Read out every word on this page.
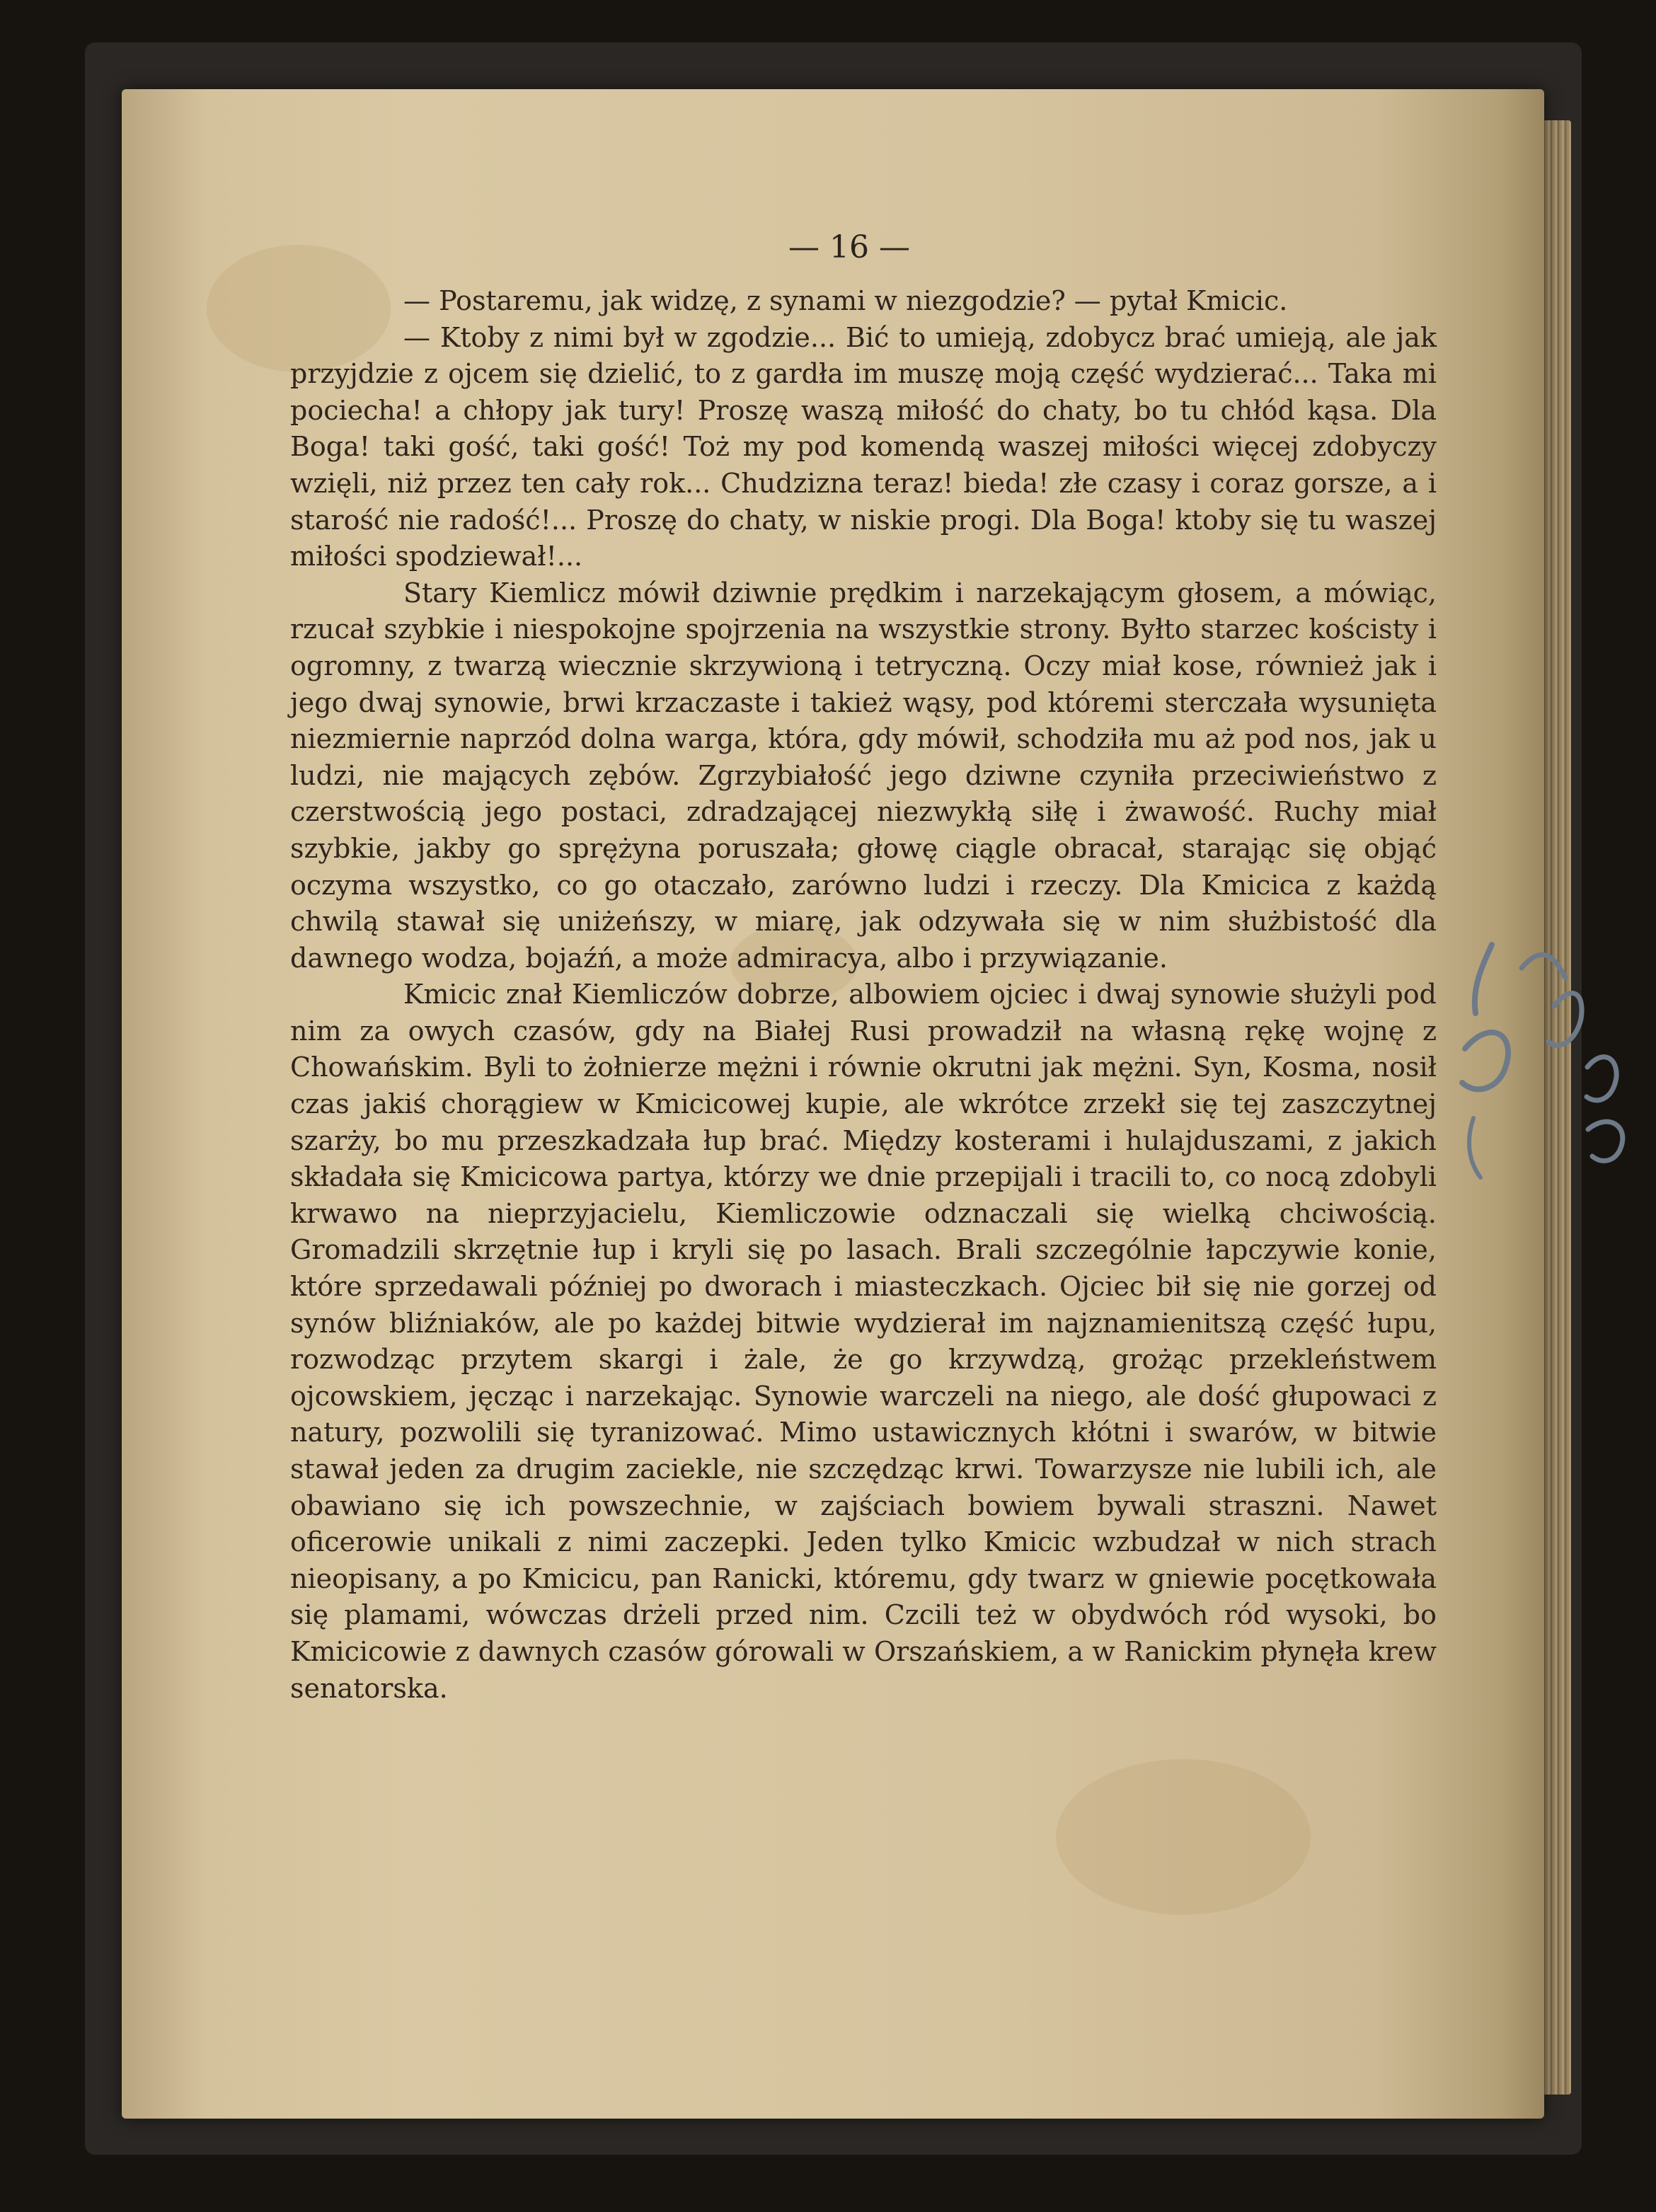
— 16 —

— Postaremu, jak widzę, z synami w niezgodzie? — pytał Kmicic.

— Ktoby z nimi był w zgodzie... Bić to umieją, zdobycz brać umieją, ale jak przyjdzie z ojcem się dzielić, to z gardła im muszę moją część wydzierać... Taka mi pociecha! a chłopy jak tury! Proszę waszą miłość do chaty, bo tu chłód kąsa. Dla Boga! taki gość, taki gość! Toż my pod komendą waszej miłości więcej zdobyczy wzięli, niż przez ten cały rok... Chudzizna teraz! bieda! złe czasy i coraz gorsze, a i starość nie radość!... Proszę do chaty, w niskie progi. Dla Boga! ktoby się tu waszej miłości spodziewał!...

Stary Kiemlicz mówił dziwnie prędkim i narzekającym głosem, a mówiąc, rzucał szybkie i niespokojne spojrzenia na wszystkie strony. Byłto starzec kościsty i ogromny, z twarzą wiecznie skrzywioną i tetryczną. Oczy miał kose, również jak i jego dwaj synowie, brwi krzaczaste i takież wąsy, pod któremi sterczała wysunięta niezmiernie naprzód dolna warga, która, gdy mówił, schodziła mu aż pod nos, jak u ludzi, nie mających zębów. Zgrzybiałość jego dziwne czyniła przeciwieństwo z czerstwością jego postaci, zdradzającej niezwykłą siłę i żwawość. Ruchy miał szybkie, jakby go sprężyna poruszała; głowę ciągle obracał, starając się objąć oczyma wszystko, co go otaczało, zarówno ludzi i rzeczy. Dla Kmicica z każdą chwilą stawał się uniżeńszy, w miarę, jak odzywała się w nim służbistość dla dawnego wodza, bojaźń, a może admiracya, albo i przywiązanie.

Kmicic znał Kiemliczów dobrze, albowiem ojciec i dwaj synowie służyli pod nim za owych czasów, gdy na Białej Rusi prowadził na własną rękę wojnę z Chowańskim. Byli to żołnierze mężni i równie okrutni jak mężni. Syn, Kosma, nosił czas jakiś chorągiew w Kmicicowej kupie, ale wkrótce zrzekł się tej zaszczytnej szarży, bo mu przeszkadzała łup brać. Między kosterami i hulajduszami, z jakich składała się Kmicicowa partya, którzy we dnie przepijali i tracili to, co nocą zdobyli krwawo na nieprzyjacielu, Kiemliczowie odznaczali się wielką chciwością. Gromadzili skrzętnie łup i kryli się po lasach. Brali szczególnie łapczywie konie, które sprzedawali później po dworach i miasteczkach. Ojciec bił się nie gorzej od synów bliźniaków, ale po każdej bitwie wydzierał im najznamienitszą część łupu, rozwodząc przytem skargi i żale, że go krzywdzą, grożąc przekleństwem ojcowskiem, jęcząc i narzekając. Synowie warczeli na niego, ale dość głupowaci z natury, pozwolili się tyranizować. Mimo ustawicznych kłótni i swarów, w bitwie stawał jeden za drugim zaciekle, nie szczędząc krwi. Towarzysze nie lubili ich, ale obawiano się ich powszechnie, w zajściach bowiem bywali straszni. Nawet oficerowie unikali z nimi zaczepki. Jeden tylko Kmicic wzbudzał w nich strach nieopisany, a po Kmicicu, pan Ranicki, któremu, gdy twarz w gniewie pocętkowała się plamami, wówczas drżeli przed nim. Czcili też w obydwóch ród wysoki, bo Kmicicowie z dawnych czasów górowali w Orszańskiem, a w Ranickim płynęła krew senatorska.
